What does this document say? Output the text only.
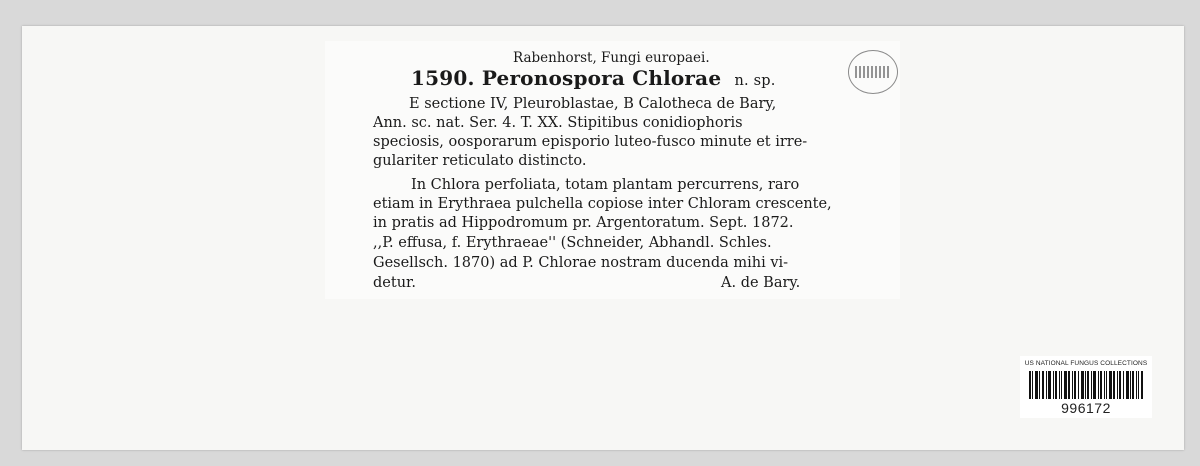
Rabenhorst, Fungi europaei.
1590. Peronospora Chlorae n. sp.
E sectione IV, Pleuroblastae, B Calotheca de Bary,
Ann. sc. nat. Ser. 4. T. XX. Stipitibus conidiophoris
speciosis, oosporarum episporio luteo-fusco minute et irre-
gulariter reticulato distincto.
In Chlora perfoliata, totam plantam percurrens, raro
etiam in Erythraea pulchella copiose inter Chloram crescente,
in pratis ad Hippodromum pr. Argentoratum. Sept. 1872.
,,P. effusa, f. Erythraeae'' (Schneider, Abhandl. Schles.
Gesellsch. 1870) ad P. Chlorae nostram ducenda mihi vi-
detur.	A. de Bary.
US NATIONAL FUNGUS COLLECTIONS
996172
